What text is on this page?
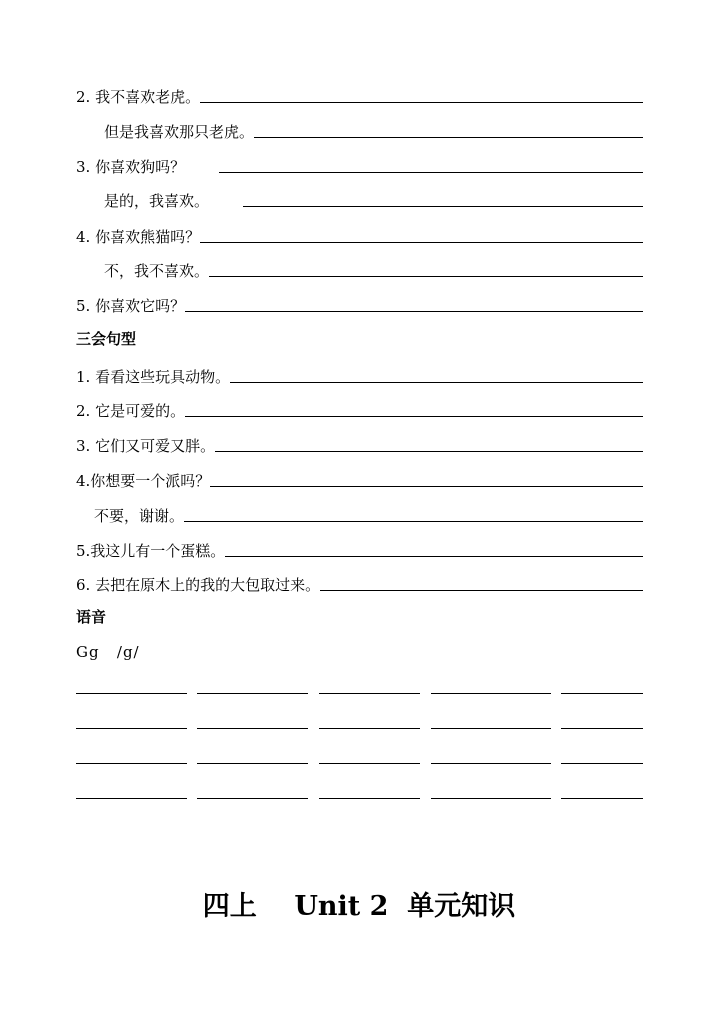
2. 我不喜欢老虎。
但是我喜欢那只老虎。
3. 你喜欢狗吗？
是的，我喜欢。
4. 你喜欢熊猫吗？
不，我不喜欢。
5. 你喜欢它吗？
三会句型
1. 看看这些玩具动物。
2. 它是可爱的。
3. 它们又可爱又胖。
4.你想要一个派吗？
不要，谢谢。
5.我这儿有一个蛋糕。
6. 去把在原木上的我的大包取过来。
语音
Gg   /g/
四上    Unit 2  单元知识
